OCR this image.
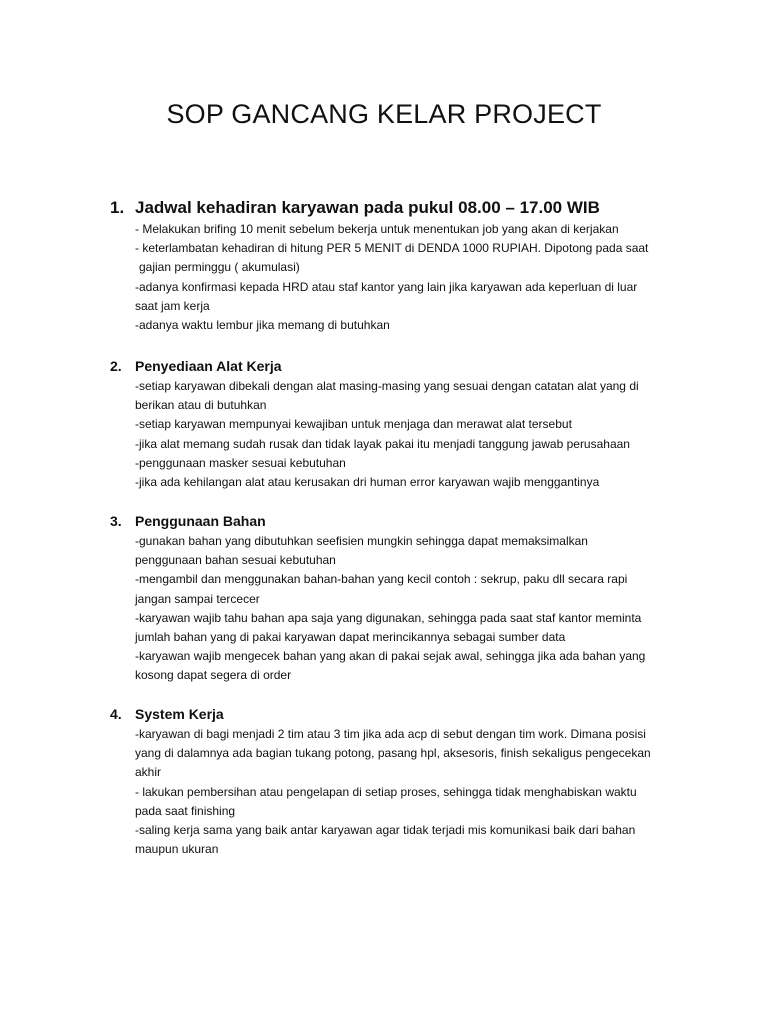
SOP GANCANG KELAR PROJECT
1. Jadwal kehadiran karyawan pada pukul 08.00 – 17.00 WIB
- Melakukan brifing 10 menit sebelum bekerja untuk menentukan job yang akan di kerjakan
- keterlambatan kehadiran di hitung PER 5 MENIT di DENDA 1000 RUPIAH. Dipotong pada saat
gajian perminggu ( akumulasi)
-adanya konfirmasi kepada HRD atau staf kantor yang lain jika karyawan ada keperluan di luar
saat jam kerja
-adanya waktu lembur jika memang di butuhkan
2. Penyediaan Alat Kerja
-setiap karyawan dibekali dengan alat masing-masing yang sesuai dengan catatan alat yang di
berikan atau di butuhkan
-setiap karyawan mempunyai kewajiban untuk menjaga dan merawat alat tersebut
-jika alat memang sudah rusak dan tidak layak pakai itu menjadi tanggung jawab perusahaan
-penggunaan masker sesuai kebutuhan
-jika ada kehilangan alat atau kerusakan dri human error karyawan wajib menggantinya
3. Penggunaan Bahan
-gunakan bahan yang dibutuhkan seefisien mungkin sehingga dapat memaksimalkan
penggunaan bahan sesuai kebutuhan
-mengambil dan menggunakan bahan-bahan yang kecil contoh : sekrup, paku dll secara rapi
jangan sampai tercecer
-karyawan wajib tahu bahan apa saja yang digunakan, sehingga pada saat staf kantor meminta
jumlah bahan yang di pakai karyawan dapat merincikannya sebagai sumber data
-karyawan wajib mengecek bahan yang akan di pakai sejak awal, sehingga jika ada bahan yang
kosong dapat segera di order
4. System Kerja
-karyawan di bagi menjadi 2 tim atau 3 tim jika ada acp di sebut dengan tim work. Dimana posisi
yang di dalamnya ada bagian tukang potong, pasang hpl, aksesoris, finish sekaligus pengecekan
akhir
- lakukan pembersihan atau pengelapan di setiap proses, sehingga tidak menghabiskan waktu
pada saat finishing
-saling kerja sama yang baik antar karyawan agar tidak terjadi mis komunikasi baik dari bahan
maupun ukuran
